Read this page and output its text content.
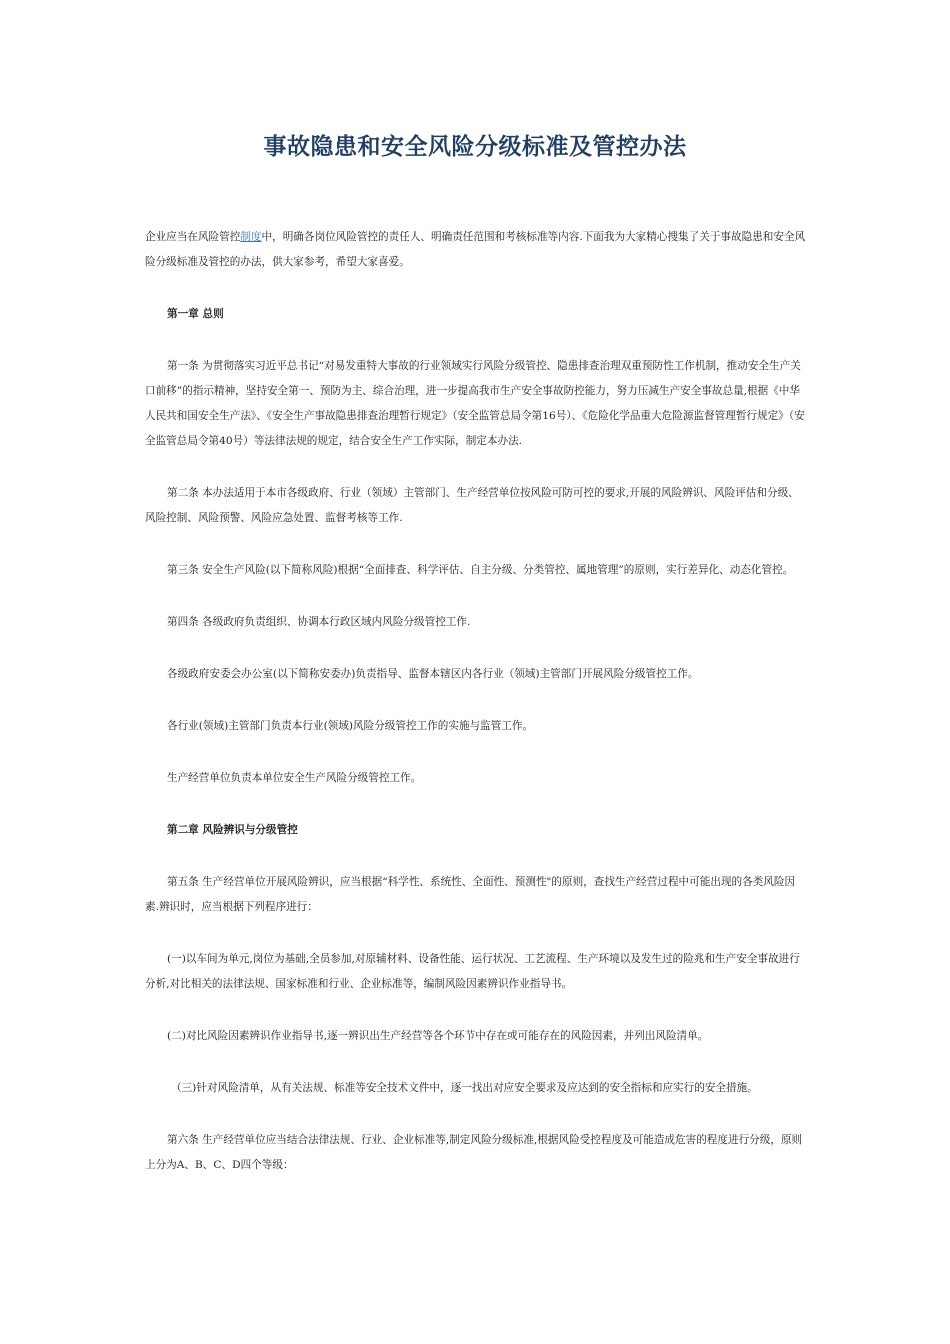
事故隐患和安全风险分级标准及管控办法

企业应当在风险管控制度中，明确各岗位风险管控的责任人、明确责任范围和考核标准等内容.下面我为大家精心搜集了关于事故隐患和安全风险分级标准及管控的办法，供大家参考，希望大家喜爱。

第一章 总则

第一条 为贯彻落实习近平总书记“对易发重特大事故的行业领域实行风险分级管控、隐患排查治理双重预防性工作机制，推动安全生产关口前移”的指示精神，坚持安全第一、预防为主、综合治理，进一步提高我市生产安全事故防控能力，努力压减生产安全事故总量,根据《中华人民共和国安全生产法》、《安全生产事故隐患排查治理暂行规定》（安全监管总局令第16号）、《危险化学品重大危险源监督管理暂行规定》（安全监管总局令第40号）等法律法规的规定，结合安全生产工作实际，制定本办法.

第二条 本办法适用于本市各级政府、行业（领域）主管部门、生产经营单位按风险可防可控的要求,开展的风险辨识、风险评估和分级、风险控制、风险预警、风险应急处置、监督考核等工作.

第三条 安全生产风险(以下简称风险)根据“全面排查、科学评估、自主分级、分类管控、属地管理”的原则，实行差异化、动态化管控。

第四条 各级政府负责组织、协调本行政区域内风险分级管控工作.

各级政府安委会办公室(以下简称安委办)负责指导、监督本辖区内各行业（领域)主管部门开展风险分级管控工作。

各行业(领域)主管部门负责本行业(领域)风险分级管控工作的实施与监管工作。

生产经营单位负责本单位安全生产风险分级管控工作。

第二章 风险辨识与分级管控

第五条 生产经营单位开展风险辨识，应当根据“科学性、系统性、全面性、预测性"的原则，查找生产经营过程中可能出现的各类风险因素.辨识时，应当根据下列程序进行：

(一)以车间为单元,岗位为基础,全员参加,对原辅材料、设备性能、运行状况、工艺流程、生产环境以及发生过的险兆和生产安全事故进行分析,对比相关的法律法规、国家标准和行业、企业标准等，编制风险因素辨识作业指导书。

(二)对比风险因素辨识作业指导书,逐一辨识出生产经营等各个环节中存在或可能存在的风险因素，并列出风险清单。

（三)针对风险清单，从有关法规、标准等安全技术文件中，逐一找出对应安全要求及应达到的安全指标和应实行的安全措施。

第六条 生产经营单位应当结合法律法规、行业、企业标准等,制定风险分级标准,根据风险受控程度及可能造成危害的程度进行分级，原则上分为A、B、C、D四个等级：
